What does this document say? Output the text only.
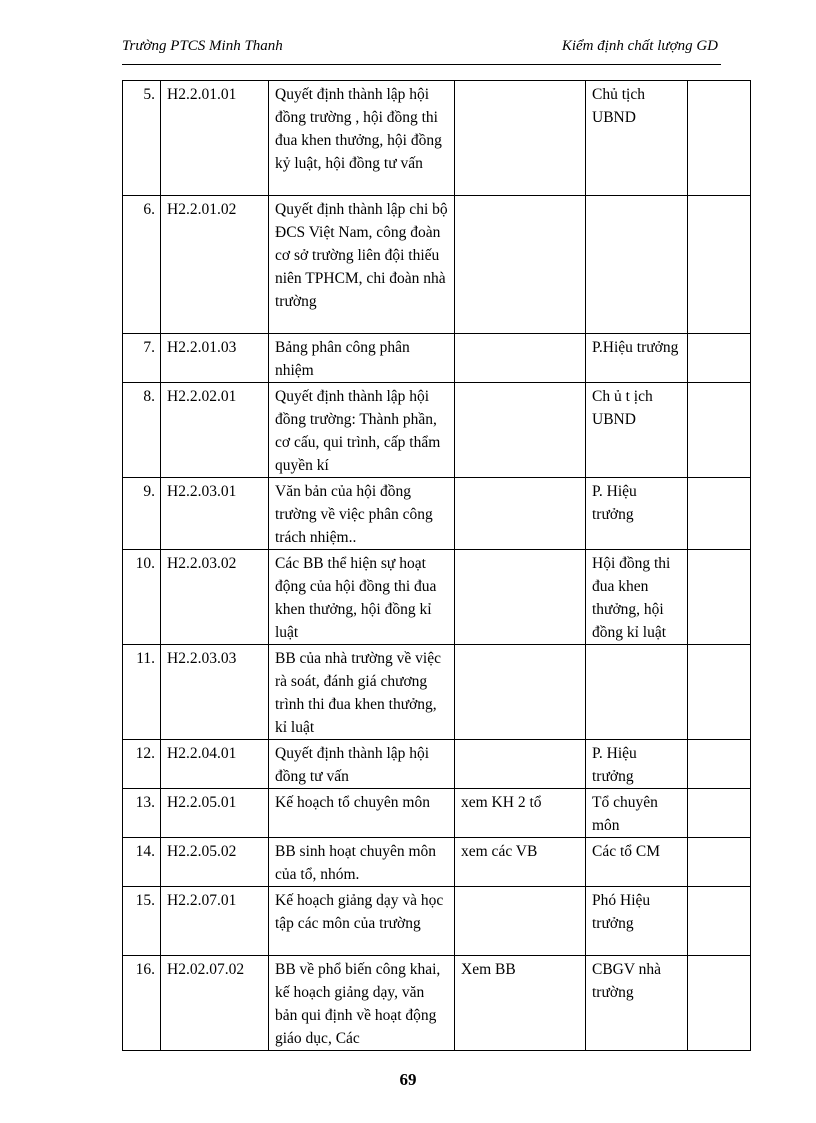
Trường PTCS Minh Thanh	Kiểm định chất lượng GD
5.	H2.2.01.01	Quyết định thành lập hội đồng trường , hội đồng thi đua khen thưởng, hội đồng kỷ luật, hội đồng tư vấn		Chủ tịch UBND	
6.	H2.2.01.02	Quyết định thành lập chi bộ ĐCS Việt Nam, công đoàn cơ sở trường liên đội thiếu niên TPHCM, chi đoàn nhà trường			
7.	H2.2.01.03	Bảng phân công phân nhiệm		P.Hiệu trưởng	
8.	H2.2.02.01	Quyết định thành lập hội đồng trường: Thành phần, cơ cấu, qui trình, cấp thẩm quyền kí		Ch ủ t ịch UBND	
9.	H2.2.03.01	Văn bản của hội đồng trường về việc phân công trách nhiệm..		P. Hiệu trưởng	
10.	H2.2.03.02	Các BB thể hiện sự hoạt động của hội đồng thi đua khen thưởng, hội đồng kỉ luật		Hội đồng thi đua khen thưởng, hội đồng kỉ luật	
11.	H2.2.03.03	BB của nhà trường về việc rà soát, đánh giá chương trình thi đua khen thưởng, kỉ luật			
12.	H2.2.04.01	Quyết định thành lập hội đồng tư vấn		P. Hiệu trưởng	
13.	H2.2.05.01	Kế hoạch tổ chuyên môn	xem KH 2 tổ	Tổ chuyên môn	
14.	H2.2.05.02	BB sinh hoạt chuyên môn của tổ, nhóm.	xem các VB	Các tổ CM	
15.	H2.2.07.01	Kế hoạch giảng dạy và học tập các môn của trường		Phó Hiệu trưởng	
16.	H2.02.07.02	BB về phổ biến công khai, kế hoạch giảng dạy, văn bản qui định về hoạt động giáo dục, Các	Xem BB	CBGV nhà trường	
69
